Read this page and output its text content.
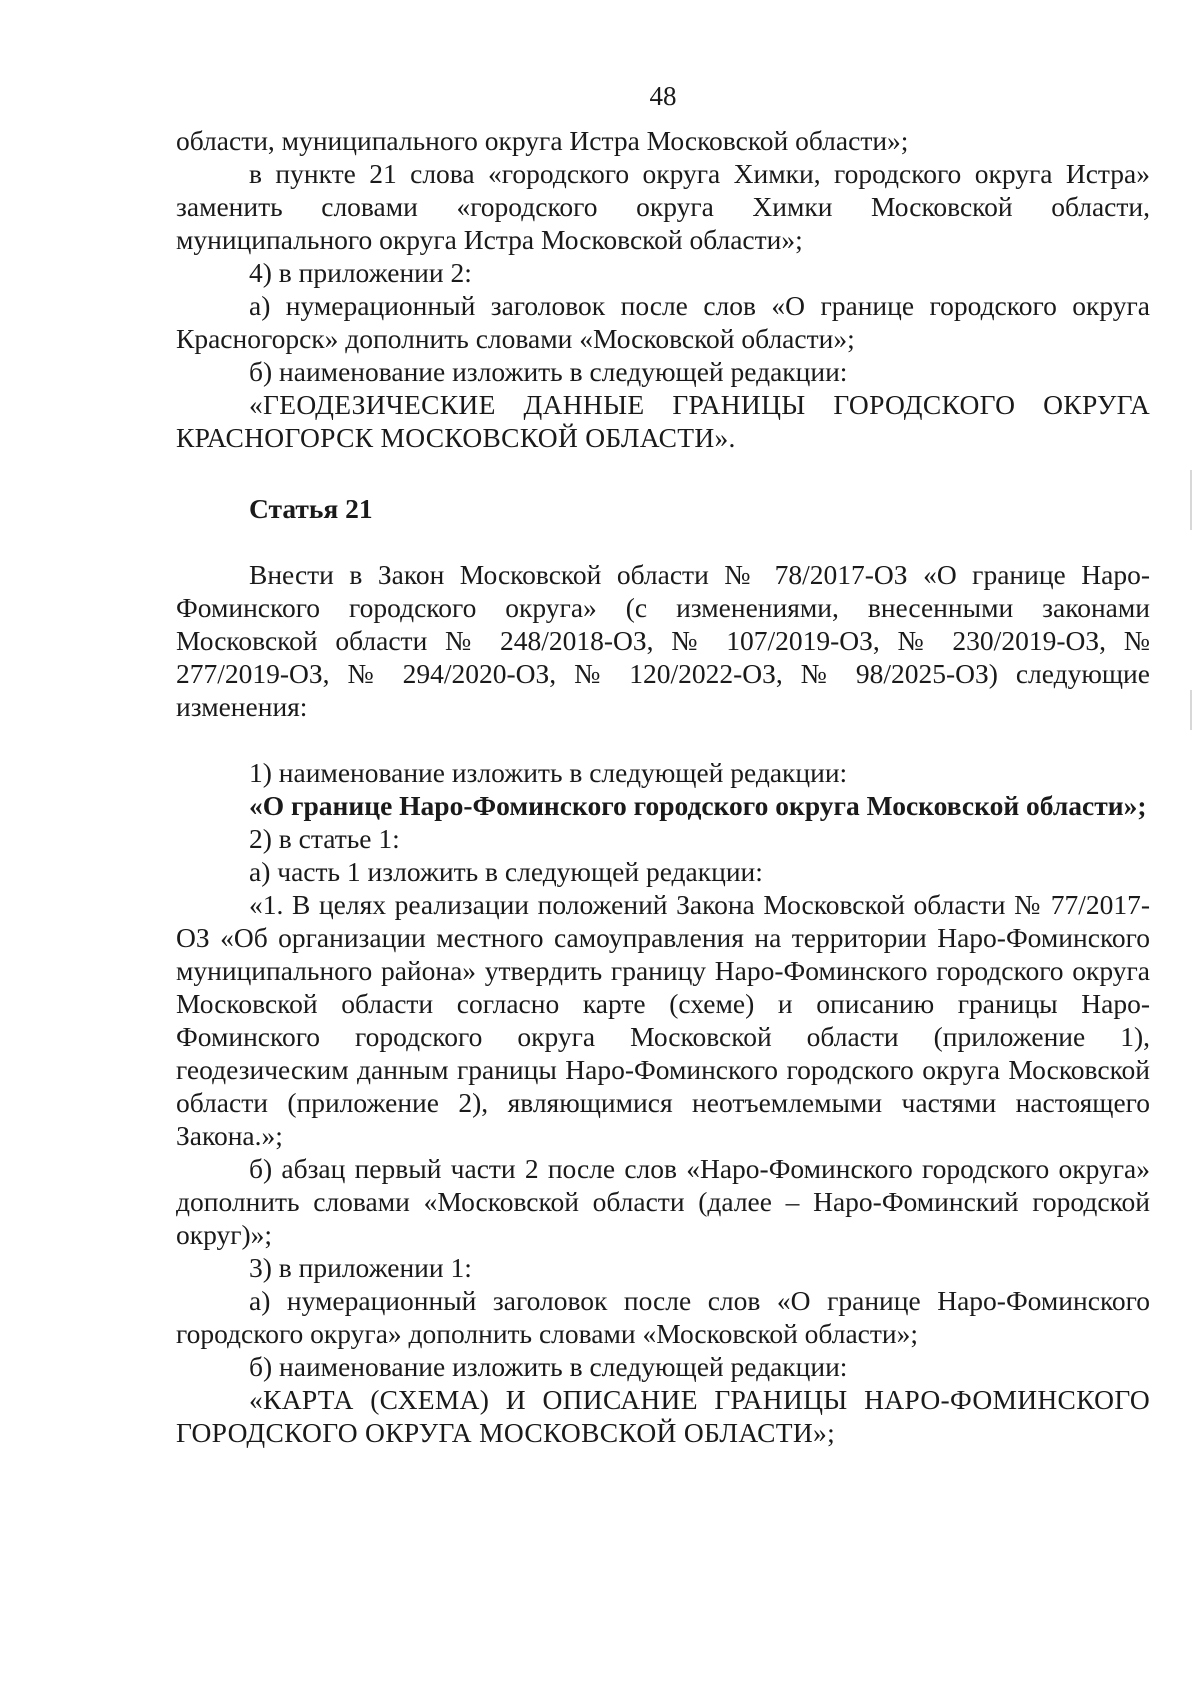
48

области, муниципального округа Истра Московской области»;

в пункте 21 слова «городского округа Химки, городского округа Истра» заменить словами «городского округа Химки Московской области, муниципального округа Истра Московской области»;

4) в приложении 2:

а) нумерационный заголовок после слов «О границе городского округа Красногорск» дополнить словами «Московской области»;

б) наименование изложить в следующей редакции:

«ГЕОДЕЗИЧЕСКИЕ ДАННЫЕ ГРАНИЦЫ ГОРОДСКОГО ОКРУГА КРАСНОГОРСК МОСКОВСКОЙ ОБЛАСТИ».

Статья 21

Внести в Закон Московской области № 78/2017-ОЗ «О границе Наро-Фоминского городского округа» (с изменениями, внесенными законами Московской области № 248/2018-ОЗ, № 107/2019-ОЗ, № 230/2019-ОЗ, № 277/2019-ОЗ, № 294/2020-ОЗ, № 120/2022-ОЗ, № 98/2025-ОЗ) следующие изменения:

1) наименование изложить в следующей редакции:

«О границе Наро-Фоминского городского округа Московской области»;

2) в статье 1:

а) часть 1 изложить в следующей редакции:

«1. В целях реализации положений Закона Московской области № 77/2017-ОЗ «Об организации местного самоуправления на территории Наро-Фоминского муниципального района» утвердить границу Наро-Фоминского городского округа Московской области согласно карте (схеме) и описанию границы Наро-Фоминского городского округа Московской области (приложение 1), геодезическим данным границы Наро-Фоминского городского округа Московской области (приложение 2), являющимися неотъемлемыми частями настоящего Закона.»;

б) абзац первый части 2 после слов «Наро-Фоминского городского округа» дополнить словами «Московской области (далее – Наро-Фоминский городской округ)»;

3) в приложении 1:

а) нумерационный заголовок после слов «О границе Наро-Фоминского городского округа» дополнить словами «Московской области»;

б) наименование изложить в следующей редакции:

«КАРТА (СХЕМА) И ОПИСАНИЕ ГРАНИЦЫ НАРО-ФОМИНСКОГО ГОРОДСКОГО ОКРУГА МОСКОВСКОЙ ОБЛАСТИ»;
